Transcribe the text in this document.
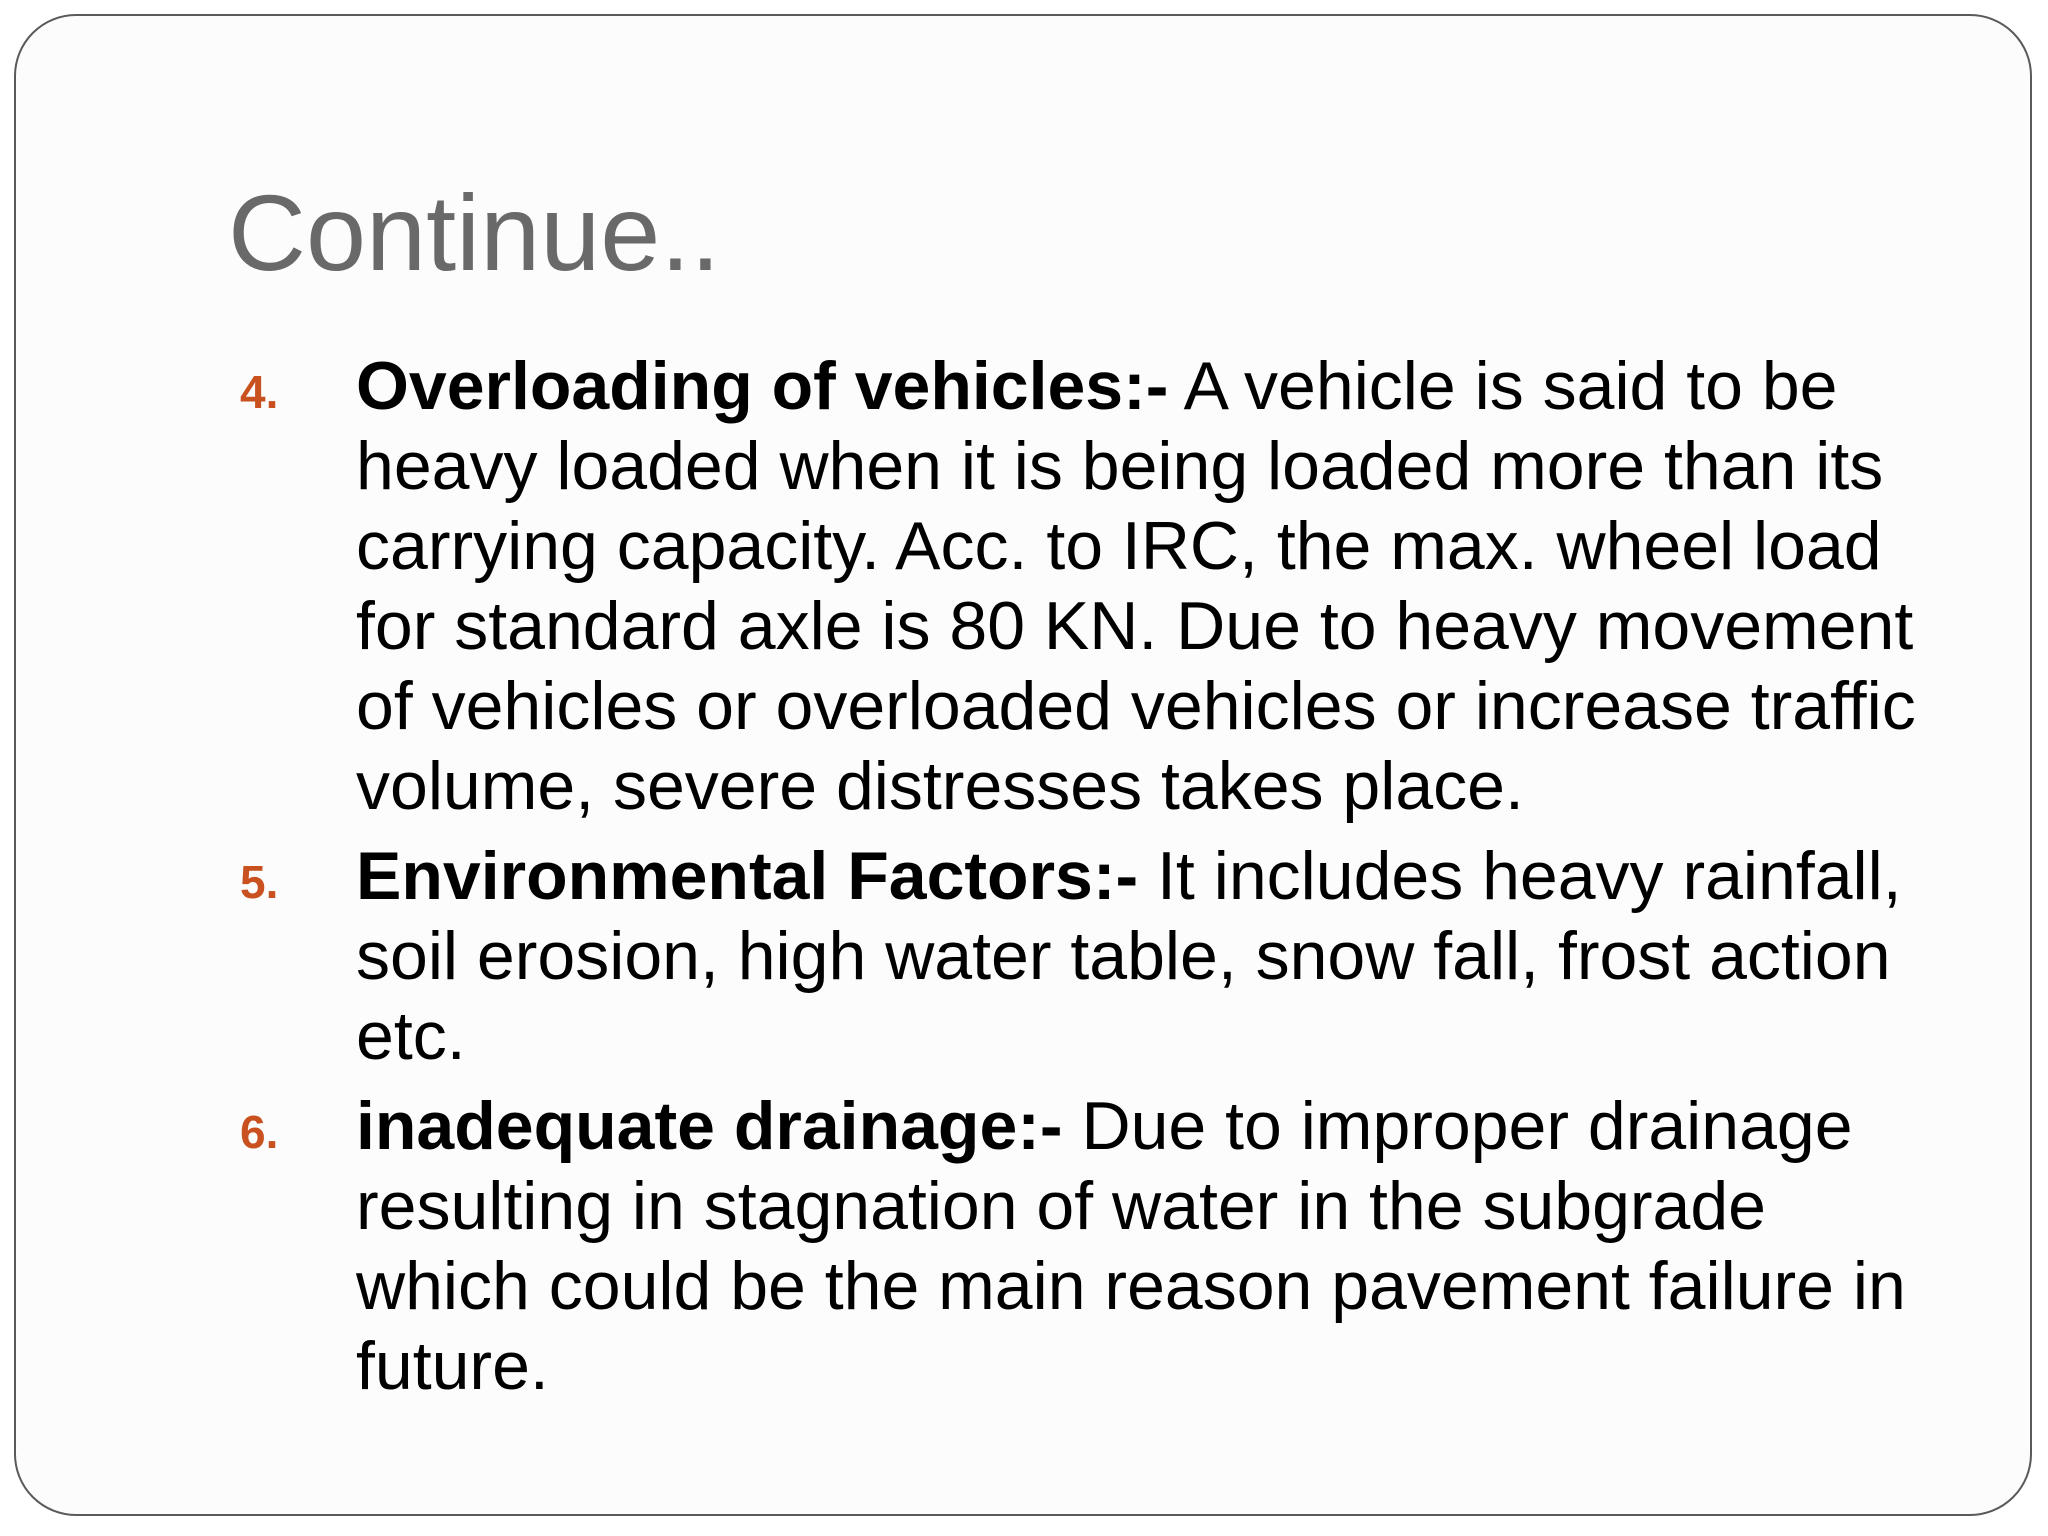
Continue..
4. Overloading of vehicles:- A vehicle is said to be heavy loaded when it is being loaded more than its carrying capacity. Acc. to IRC, the max. wheel load for standard axle is 80 KN. Due to heavy movement of vehicles or overloaded vehicles or increase traffic volume, severe distresses takes place.
5. Environmental Factors:- It includes heavy rainfall, soil erosion, high water table, snow fall, frost action etc.
6. inadequate drainage:- Due to improper drainage resulting in stagnation of water in the subgrade which could be the main reason pavement failure in future.
